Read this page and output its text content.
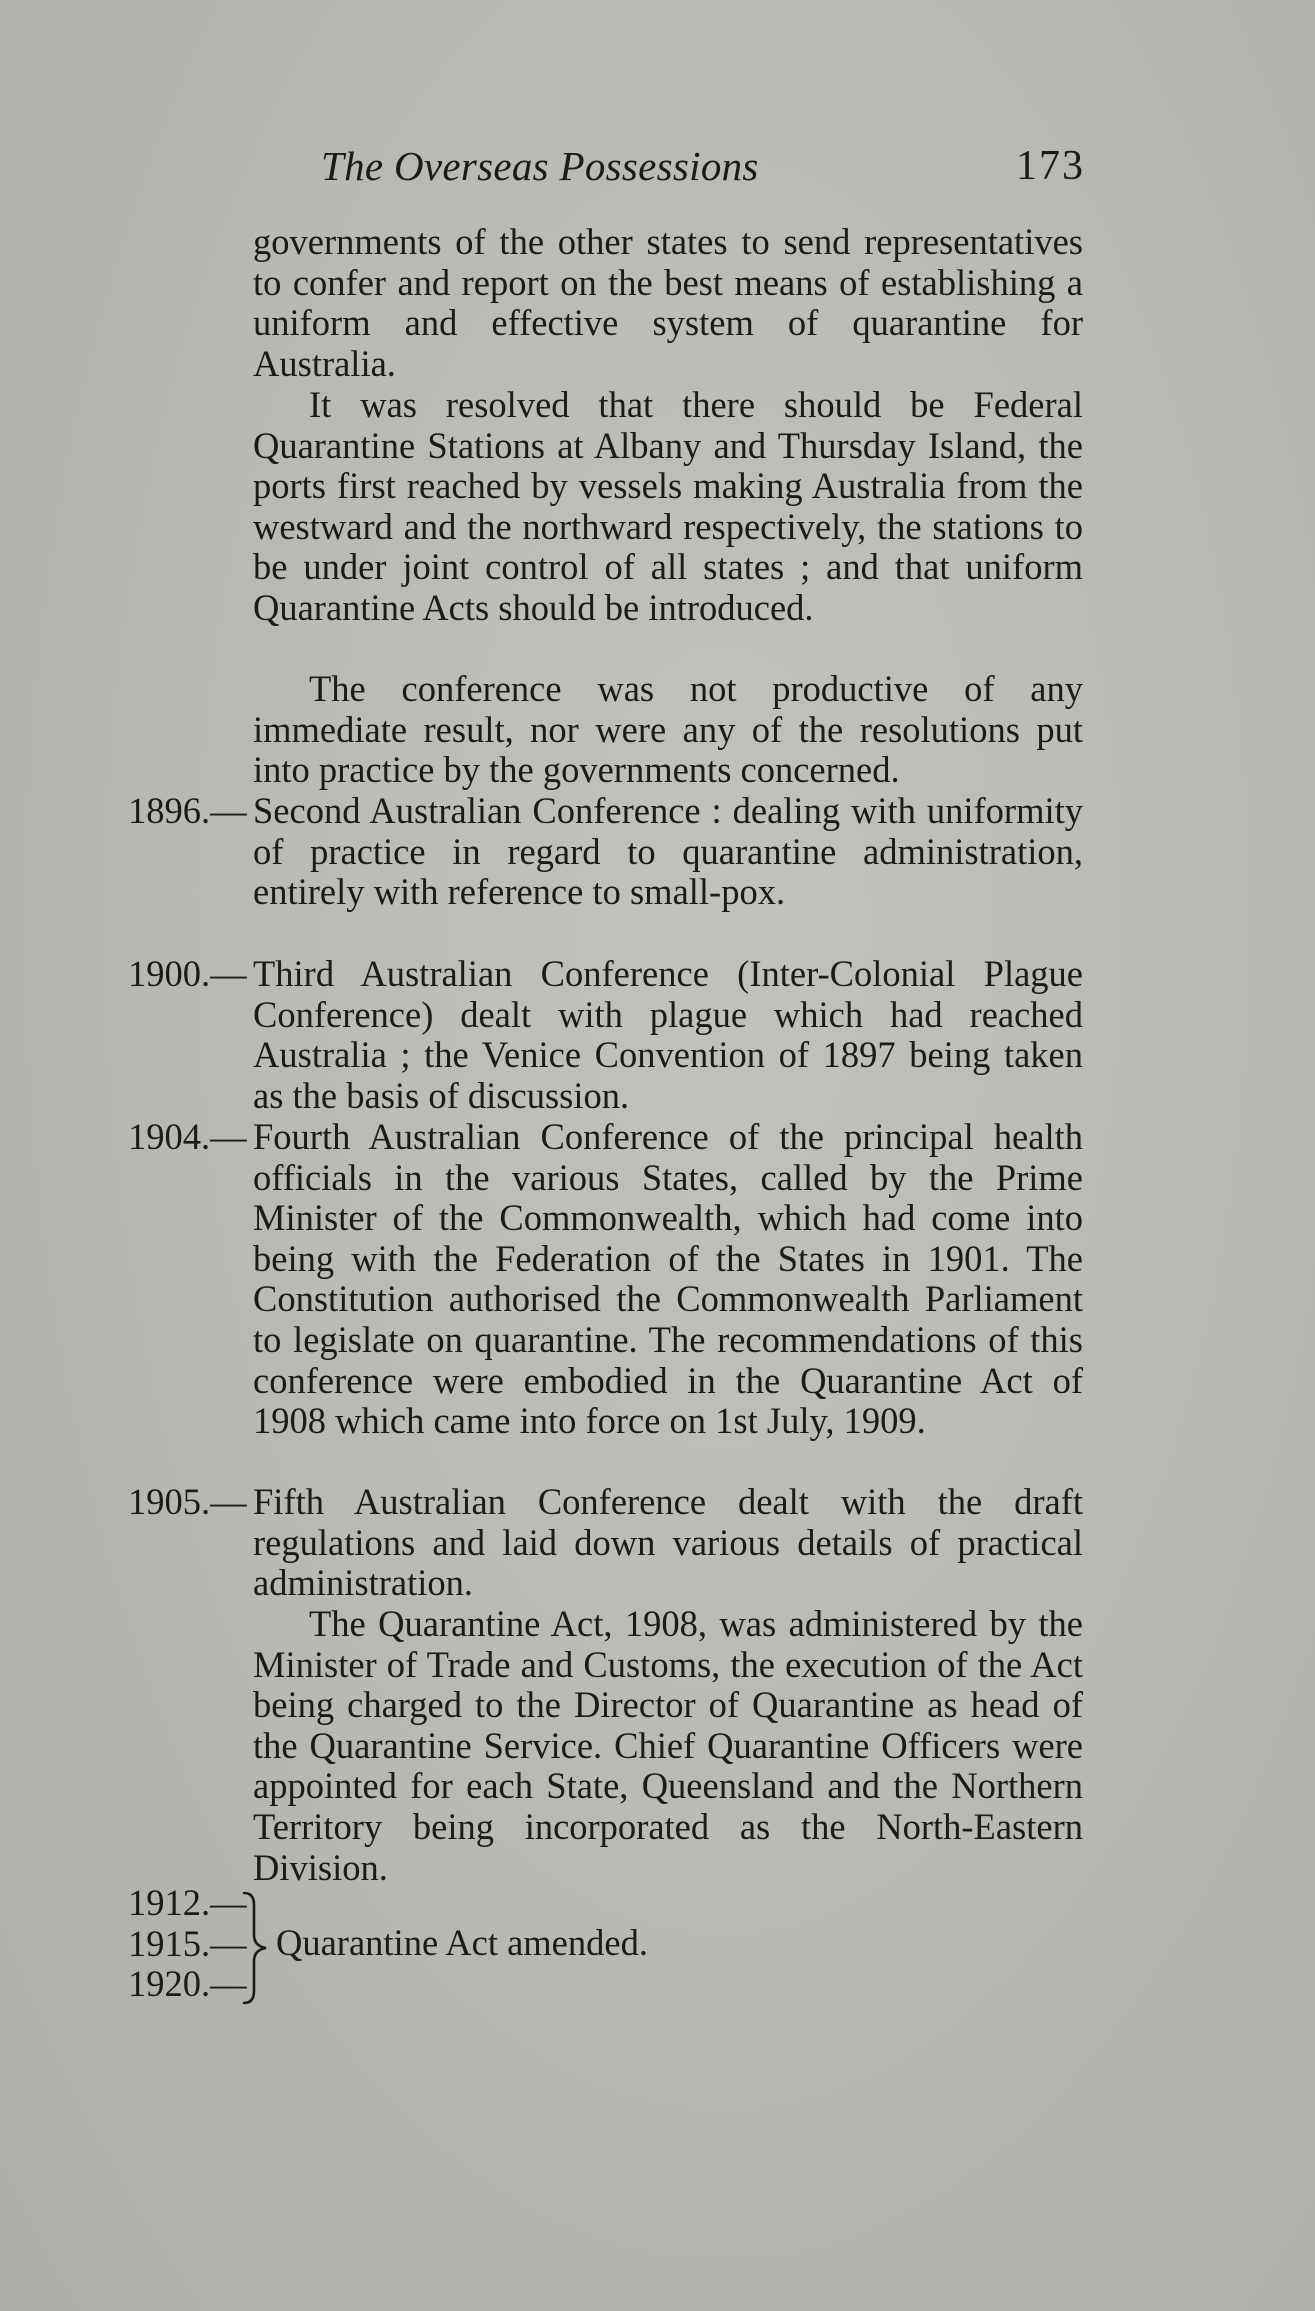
The Overseas Possessions	173

governments of the other states to send representatives to confer and report on the best means of establishing a uniform and effective system of quarantine for Australia.

It was resolved that there should be Federal Quarantine Stations at Albany and Thursday Island, the ports first reached by vessels making Australia from the westward and the northward respectively, the stations to be under joint control of all states ; and that uniform Quarantine Acts should be introduced.

The conference was not productive of any immediate result, nor were any of the resolutions put into practice by the governments concerned.

1896.— Second Australian Conference : dealing with uniformity of practice in regard to quarantine administration, entirely with reference to small-pox.
1900.— Third Australian Conference (Inter-Colonial Plague Conference) dealt with plague which had reached Australia ; the Venice Convention of 1897 being taken as the basis of discussion.
1904.— Fourth Australian Conference of the principal health officials in the various States, called by the Prime Minister of the Commonwealth, which had come into being with the Federation of the States in 1901. The Constitution authorised the Commonwealth Parliament to legislate on quarantine. The recommendations of this conference were embodied in the Quarantine Act of 1908 which came into force on 1st July, 1909.
1905.— Fifth Australian Conference dealt with the draft regulations and laid down various details of practical administration.

The Quarantine Act, 1908, was administered by the Minister of Trade and Customs, the execution of the Act being charged to the Director of Quarantine as head of the Quarantine Service. Chief Quarantine Officers were appointed for each State, Queensland and the Northern Territory being incorporated as the North-Eastern Division.

1912.—
1915.—
1920.—
Quarantine Act amended.
